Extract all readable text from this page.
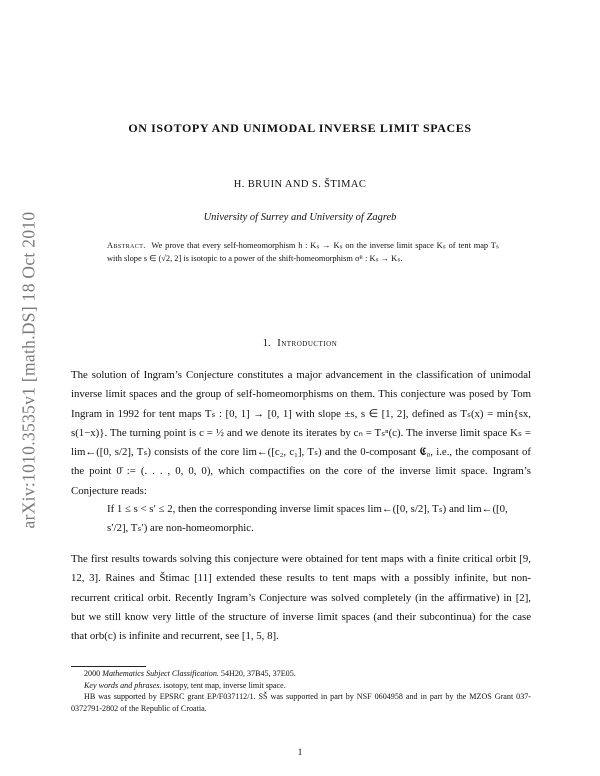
arXiv:1010.3535v1 [math.DS] 18 Oct 2010
ON ISOTOPY AND UNIMODAL INVERSE LIMIT SPACES
H. BRUIN AND S. ŠTIMAC
University of Surrey and University of Zagreb
Abstract. We prove that every self-homeomorphism h : Kₛ → Kₛ on the inverse limit space Kₛ of tent map Tₛ with slope s ∈ (√2, 2] is isotopic to a power of the shift-homeomorphism σᴿ : Kₛ → Kₛ.
1. Introduction
The solution of Ingram’s Conjecture constitutes a major advancement in the classification of unimodal inverse limit spaces and the group of self-homeomorphisms on them. This conjecture was posed by Tom Ingram in 1992 for tent maps Tₛ : [0, 1] → [0, 1] with slope ±s, s ∈ [1, 2], defined as Tₛ(x) = min{sx, s(1−x)}. The turning point is c = ½ and we denote its iterates by cₙ = Tₛⁿ(c). The inverse limit space Kₛ = lim←([0, s/2], Tₛ) consists of the core lim←([c₂, c₁], Tₛ) and the 0-composant 𝕮₀, i.e., the composant of the point 0̄ := (. . . , 0, 0, 0), which compactifies on the core of the inverse limit space. Ingram’s Conjecture reads:
If 1 ≤ s < s′ ≤ 2, then the corresponding inverse limit spaces lim←([0, s/2], Tₛ) and lim←([0, s′/2], Tₛ′) are non-homeomorphic.
The first results towards solving this conjecture were obtained for tent maps with a finite critical orbit [9, 12, 3]. Raines and Štimac [11] extended these results to tent maps with a possibly infinite, but non-recurrent critical orbit. Recently Ingram’s Conjecture was solved completely (in the affirmative) in [2], but we still know very little of the structure of inverse limit spaces (and their subcontinua) for the case that orb(c) is infinite and recurrent, see [1, 5, 8].
2000 Mathematics Subject Classification. 54H20, 37B45, 37E05.
Key words and phrases. isotopy, tent map, inverse limit space.
HB was supported by EPSRC grant EP/F037112/1. SŠ was supported in part by NSF 0604958 and in part by the MZOS Grant 037-0372791-2802 of the Republic of Croatia.
1
